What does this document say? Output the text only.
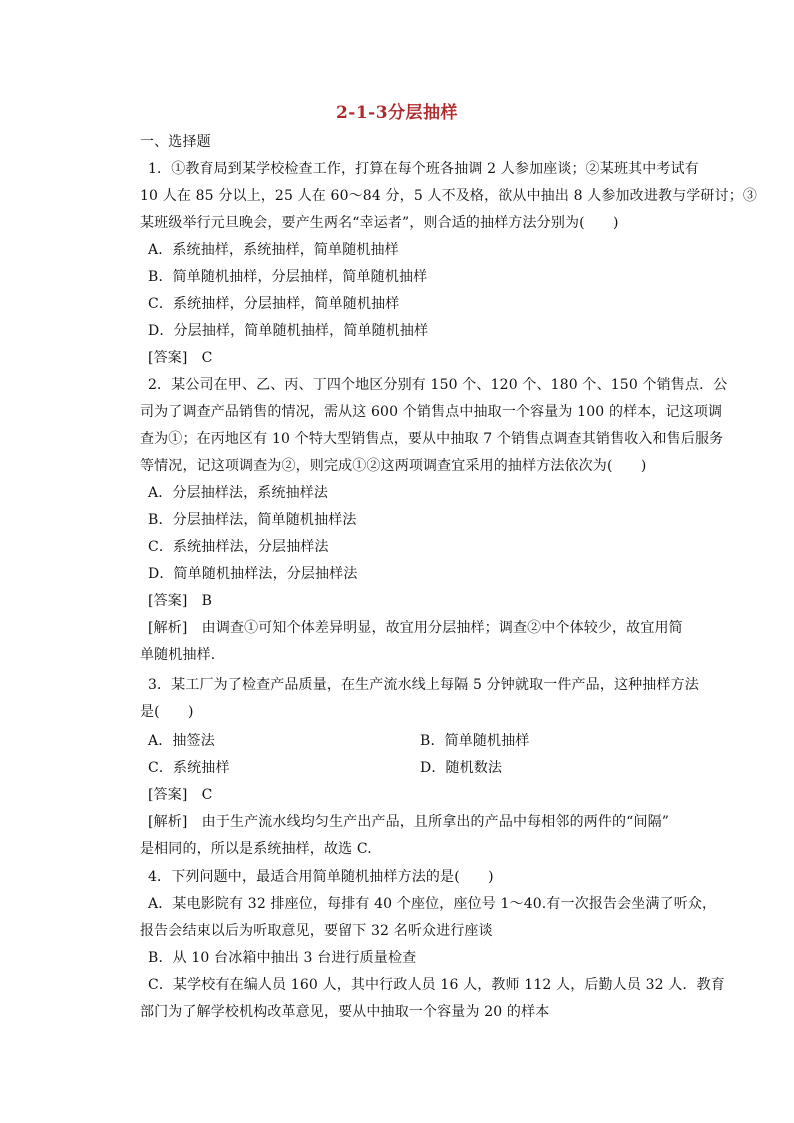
2-1-3分层抽样
一、选择题
1．①教育局到某学校检查工作，打算在每个班各抽调 2 人参加座谈；②某班其中考试有
10 人在 85 分以上，25 人在 60～84 分，5 人不及格，欲从中抽出 8 人参加改进教与学研讨；③
某班级举行元旦晚会，要产生两名“幸运者”，则合适的抽样方法分别为(　　)
A．系统抽样，系统抽样，简单随机抽样
B．简单随机抽样，分层抽样，简单随机抽样
C．系统抽样，分层抽样，简单随机抽样
D．分层抽样，简单随机抽样，简单随机抽样
[答案]　C
2．某公司在甲、乙、丙、丁四个地区分别有 150 个、120 个、180 个、150 个销售点．公
司为了调查产品销售的情况，需从这 600 个销售点中抽取一个容量为 100 的样本，记这项调
查为①；在丙地区有 10 个特大型销售点，要从中抽取 7 个销售点调查其销售收入和售后服务
等情况，记这项调查为②，则完成①②这两项调查宜采用的抽样方法依次为(　　)
A．分层抽样法，系统抽样法
B．分层抽样法，简单随机抽样法
C．系统抽样法，分层抽样法
D．简单随机抽样法，分层抽样法
[答案]　B
[解析]　由调查①可知个体差异明显，故宜用分层抽样；调查②中个体较少，故宜用简
单随机抽样．
3．某工厂为了检查产品质量，在生产流水线上每隔 5 分钟就取一件产品，这种抽样方法
是(　　)
A．抽签法	B．简单随机抽样
C．系统抽样	D．随机数法
[答案]　C
[解析]　由于生产流水线均匀生产出产品，且所拿出的产品中每相邻的两件的“间隔”
是相同的，所以是系统抽样，故选 C.
4．下列问题中，最适合用简单随机抽样方法的是(　　)
A．某电影院有 32 排座位，每排有 40 个座位，座位号 1～40.有一次报告会坐满了听众，
报告会结束以后为听取意见，要留下 32 名听众进行座谈
B．从 10 台冰箱中抽出 3 台进行质量检查
C．某学校有在编人员 160 人，其中行政人员 16 人，教师 112 人，后勤人员 32 人．教育
部门为了解学校机构改革意见，要从中抽取一个容量为 20 的样本
